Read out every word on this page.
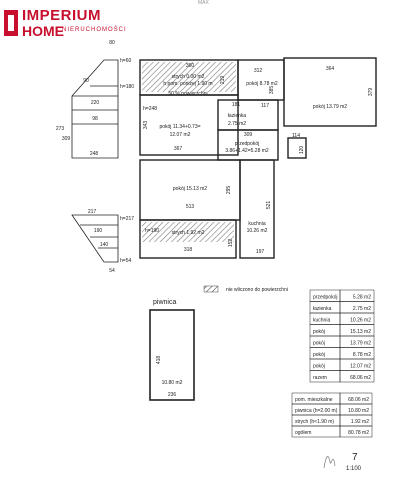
MAX
IMPERIUM
HOME
NIERUCHOMOŚCI
80
90
220
98
248
273
309
h=60
h=180
h=248
h=217
h=190
h=54
strych 0.00 m2
h pom. poniżej 1.90 m
50 % powierzchni
pokój 11.34+0.73=
12.07 m2
pokój 8.78 m2
pokój 13.79 m2
łazienka
2.75 m2
przedpokój
3.86+1.42=5.28 m2
pokój 15.13 m2
strych 1.92 m2
kuchnia
10.26 m2
360
367
312	364
181	117
309	114
513
217
190
140
54
318	197
343
379
385
219
120
295
521
152
nie wliczono do powierzchni
piwnica
418
10.80 m2
236
przedpokój	5.28 m2
łazienka	2.75 m2
kuchnia	10.26 m2
pokój	15.13 m2
pokój	13.79 m2
pokój	8.78 m2
pokój	12.07 m2
razem	68.06 m2
pom. mieszkalne	68.06 m2
piwnica (h=2.00 m) 10.80 m2
strych (h<1.90 m)	1.92 m2
ogółem	80.78 m2
7
1:100
